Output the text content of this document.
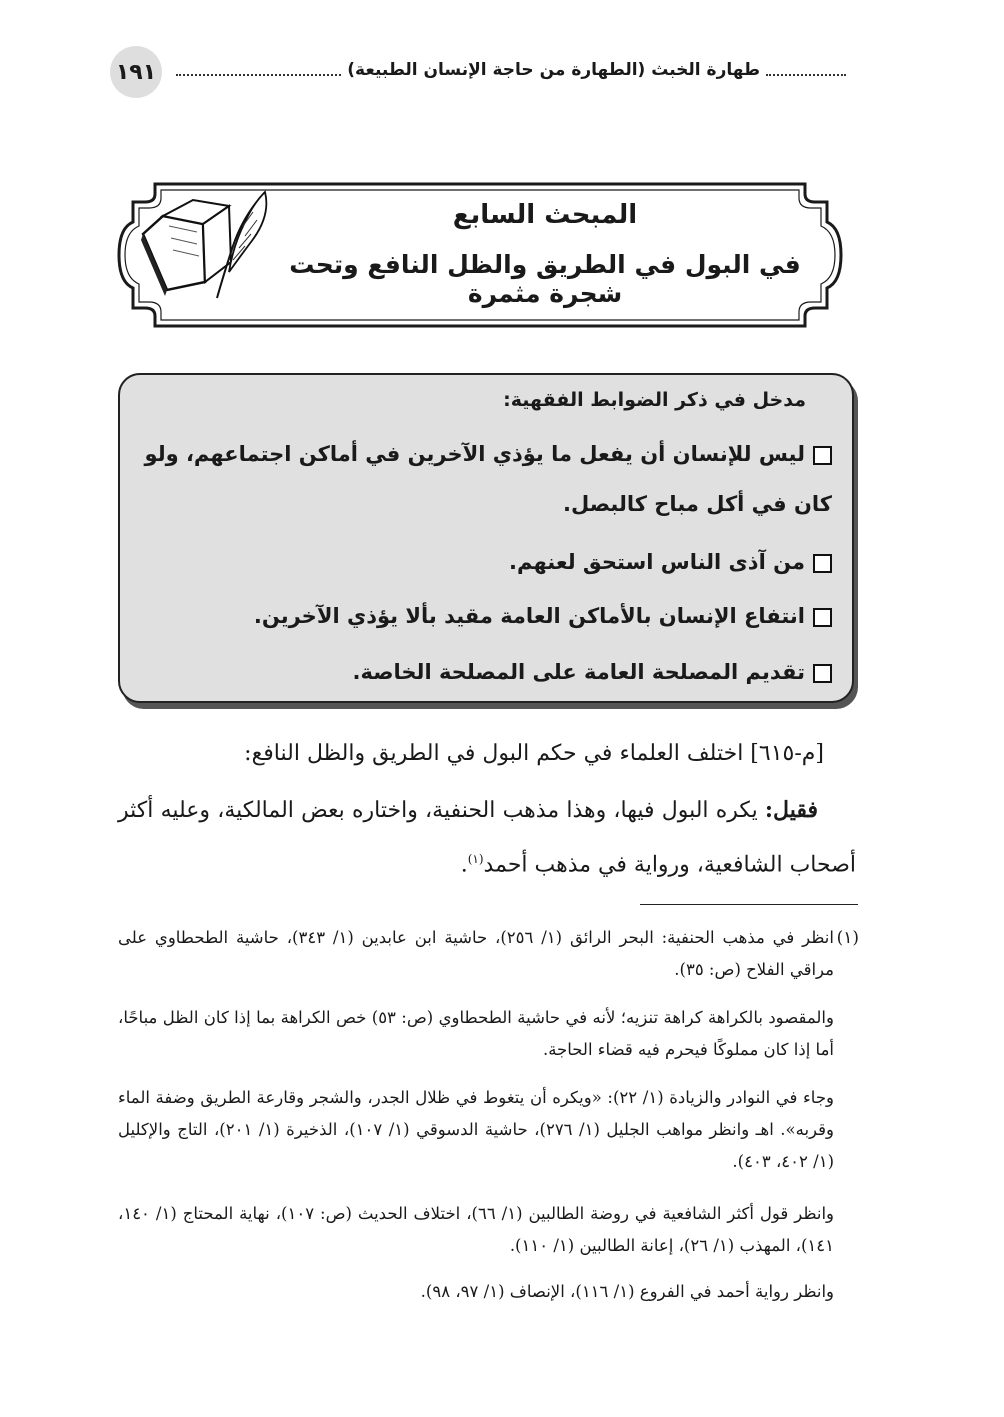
١٩١	طهارة الخبث (الطهارة من حاجة الإنسان الطبيعة)
المبحث السابع
في البول في الطريق والظل النافع وتحت شجرة مثمرة
مدخل في ذكر الضوابط الفقهية:
ليس للإنسان أن يفعل ما يؤذي الآخرين في أماكن اجتماعهم، ولو كان في أكل مباح كالبصل.
من آذى الناس استحق لعنهم.
انتفاع الإنسان بالأماكن العامة مقيد بألا يؤذي الآخرين.
تقديم المصلحة العامة على المصلحة الخاصة.
[م-٦١٥] اختلف العلماء في حكم البول في الطريق والظل النافع:
فقيل: يكره البول فيها، وهذا مذهب الحنفية، واختاره بعض المالكية، وعليه أكثر أصحاب الشافعية، ورواية في مذهب أحمد$^{(١)}$.
(١)
انظر في مذهب الحنفية: البحر الرائق (١/ ٢٥٦)، حاشية ابن عابدين (١/ ٣٤٣)، حاشية الطحطاوي على مراقي الفلاح (ص: ٣٥).
والمقصود بالكراهة كراهة تنزيه؛ لأنه في حاشية الطحطاوي (ص: ٥٣) خص الكراهة بما إذا كان الظل مباحًا، أما إذا كان مملوكًا فيحرم فيه قضاء الحاجة.
وجاء في النوادر والزيادة (١/ ٢٢): «ويكره أن يتغوط في ظلال الجدر، والشجر وقارعة الطريق وضفة الماء وقربه». اهـ وانظر مواهب الجليل (١/ ٢٧٦)، حاشية الدسوقي (١/ ١٠٧)، الذخيرة (١/ ٢٠١)، التاج والإكليل (١/ ٤٠٢، ٤٠٣).
وانظر قول أكثر الشافعية في روضة الطالبين (١/ ٦٦)، اختلاف الحديث (ص: ١٠٧)، نهاية المحتاج (١/ ١٤٠، ١٤١)، المهذب (١/ ٢٦)، إعانة الطالبين (١/ ١١٠).
وانظر رواية أحمد في الفروع (١/ ١١٦)، الإنصاف (١/ ٩٧، ٩٨).
